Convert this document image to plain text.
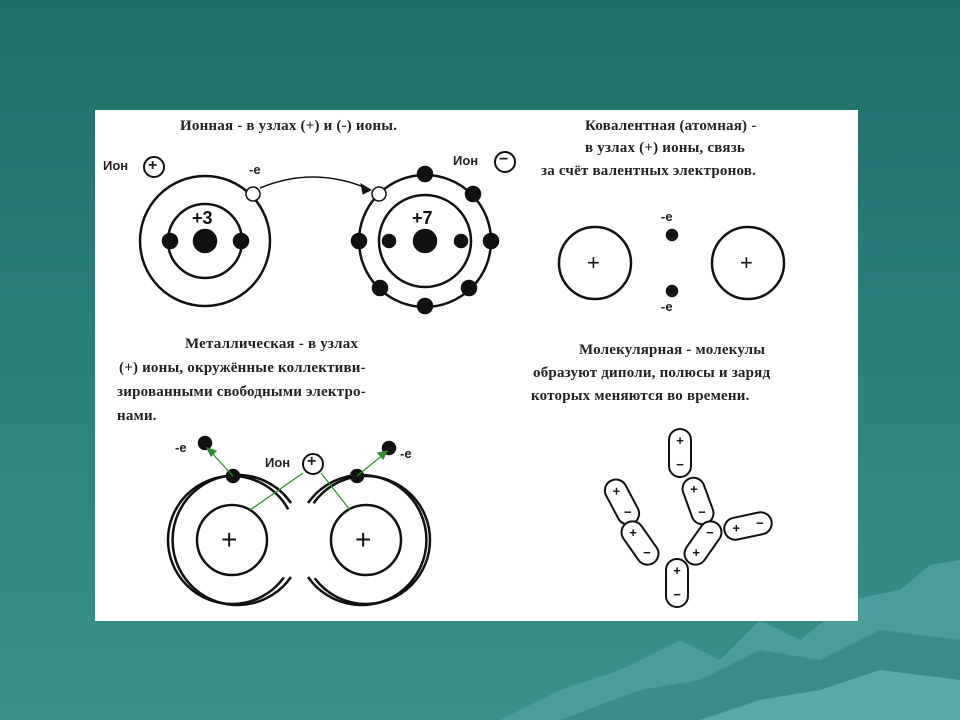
Ионная - в узлах (+) и (-) ионы.
Ион +	-е
Ион −
+3	+7
Ковалентная (атомная) -
в узлах (+) ионы, связь
за счёт валентных электронов.
-е
-е
+	+
Металлическая - в узлах
(+) ионы, окружённые коллективи-
зированными свободными электро-
нами.
-е	-е
Ион +
+	+
Молекулярная - молекулы
образуют диполи, полюсы и заряд
которых меняются во времени.
+
−
+
−
+
−
+
−	+
− + −
+
−
